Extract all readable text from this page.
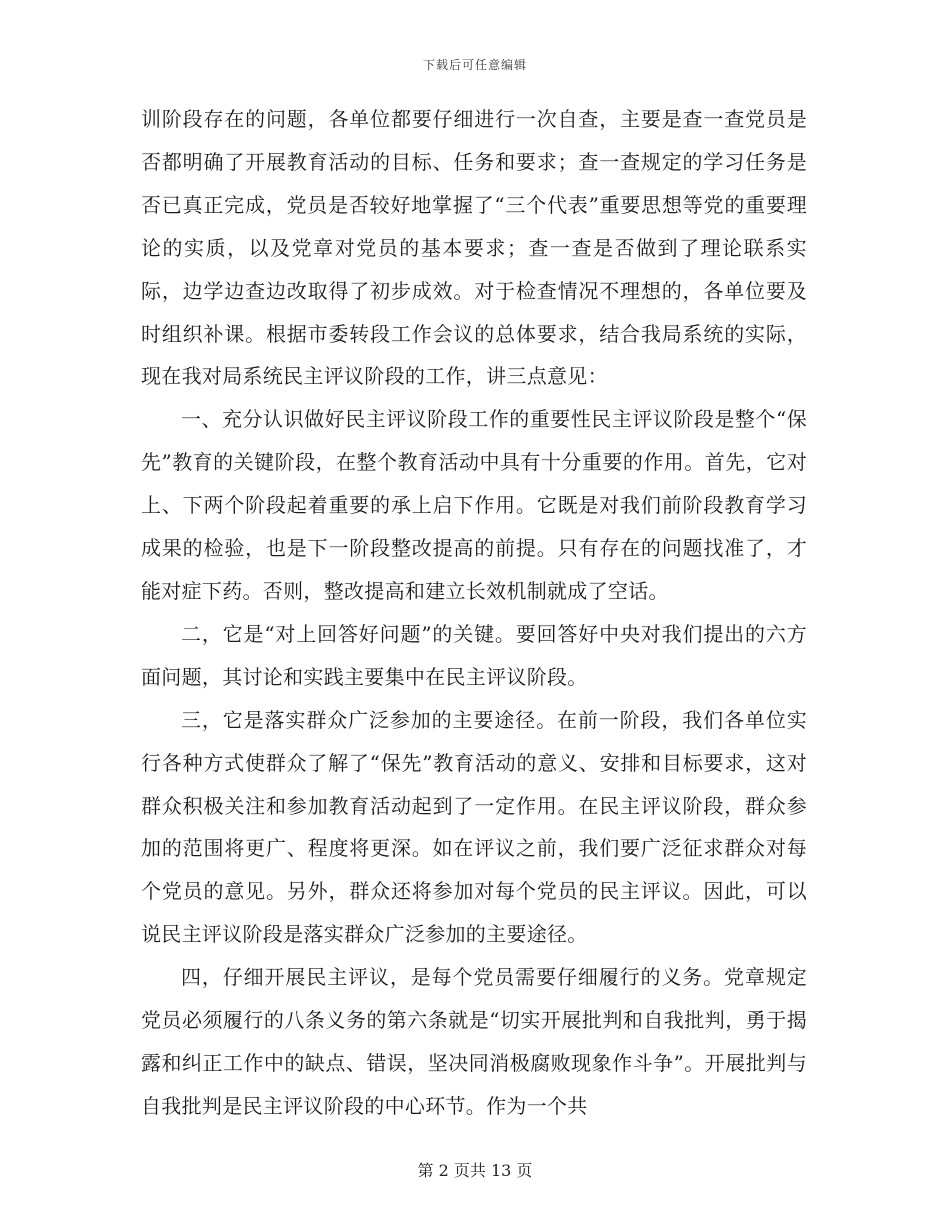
下载后可任意编辑

训阶段存在的问题，各单位都要仔细进行一次自查，主要是查一查党员是否都明确了开展教育活动的目标、任务和要求；查一查规定的学习任务是否已真正完成，党员是否较好地掌握了“三个代表”重要思想等党的重要理论的实质，以及党章对党员的基本要求；查一查是否做到了理论联系实际，边学边查边改取得了初步成效。对于检查情况不理想的，各单位要及时组织补课。根据市委转段工作会议的总体要求，结合我局系统的实际，现在我对局系统民主评议阶段的工作，讲三点意见：

一、充分认识做好民主评议阶段工作的重要性民主评议阶段是整个“保先”教育的关键阶段，在整个教育活动中具有十分重要的作用。首先，它对上、下两个阶段起着重要的承上启下作用。它既是对我们前阶段教育学习成果的检验，也是下一阶段整改提高的前提。只有存在的问题找准了，才能对症下药。否则，整改提高和建立长效机制就成了空话。

二，它是“对上回答好问题”的关键。要回答好中央对我们提出的六方面问题，其讨论和实践主要集中在民主评议阶段。

三，它是落实群众广泛参加的主要途径。在前一阶段，我们各单位实行各种方式使群众了解了“保先”教育活动的意义、安排和目标要求，这对群众积极关注和参加教育活动起到了一定作用。在民主评议阶段，群众参加的范围将更广、程度将更深。如在评议之前，我们要广泛征求群众对每个党员的意见。另外，群众还将参加对每个党员的民主评议。因此，可以说民主评议阶段是落实群众广泛参加的主要途径。

四，仔细开展民主评议，是每个党员需要仔细履行的义务。党章规定党员必须履行的八条义务的第六条就是“切实开展批判和自我批判，勇于揭露和纠正工作中的缺点、错误，坚决同消极腐败现象作斗争”。开展批判与自我批判是民主评议阶段的中心环节。作为一个共

第 2 页共 13 页
